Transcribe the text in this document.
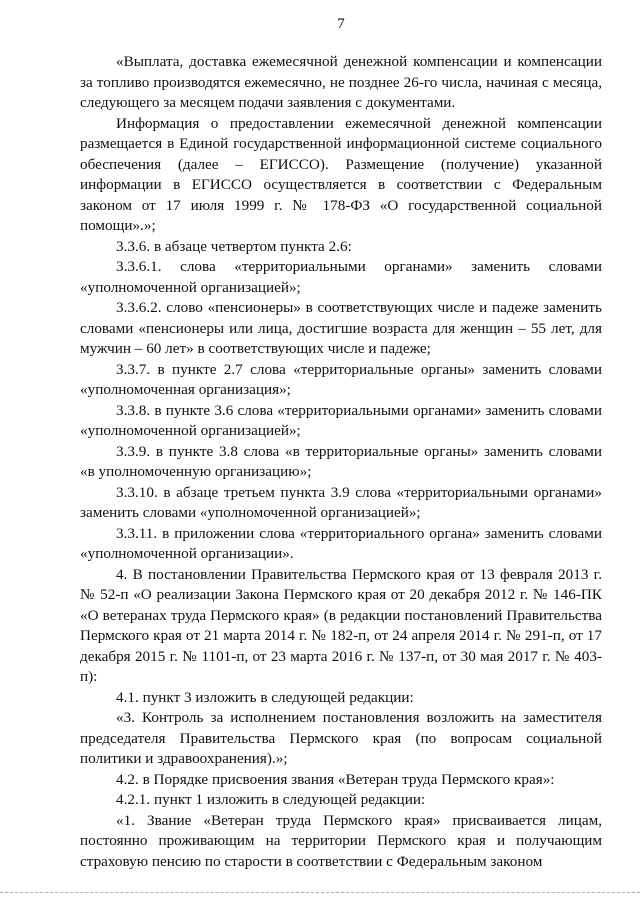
7

«Выплата, доставка ежемесячной денежной компенсации и компенсации за топливо производятся ежемесячно, не позднее 26-го числа, начиная с месяца, следующего за месяцем подачи заявления с документами.

Информация о предоставлении ежемесячной денежной компенсации размещается в Единой государственной информационной системе социального обеспечения (далее – ЕГИССО). Размещение (получение) указанной информации в ЕГИССО осуществляется в соответствии с Федеральным законом от 17 июля 1999 г. № 178-ФЗ «О государственной социальной помощи».»;

3.3.6. в абзаце четвертом пункта 2.6:

3.3.6.1. слова «территориальными органами» заменить словами «уполномоченной организацией»;

3.3.6.2. слово «пенсионеры» в соответствующих числе и падеже заменить словами «пенсионеры или лица, достигшие возраста для женщин – 55 лет, для мужчин – 60 лет» в соответствующих числе и падеже;

3.3.7. в пункте 2.7 слова «территориальные органы» заменить словами «уполномоченная организация»;

3.3.8. в пункте 3.6 слова «территориальными органами» заменить словами «уполномоченной организацией»;

3.3.9. в пункте 3.8 слова «в территориальные органы» заменить словами «в уполномоченную организацию»;

3.3.10. в абзаце третьем пункта 3.9 слова «территориальными органами» заменить словами «уполномоченной организацией»;

3.3.11. в приложении слова «территориального органа» заменить словами «уполномоченной организации».

4. В постановлении Правительства Пермского края от 13 февраля 2013 г. № 52-п «О реализации Закона Пермского края от 20 декабря 2012 г. № 146-ПК «О ветеранах труда Пермского края» (в редакции постановлений Правительства Пермского края от 21 марта 2014 г. № 182-п, от 24 апреля 2014 г. № 291-п, от 17 декабря 2015 г. № 1101-п, от 23 марта 2016 г. № 137-п, от 30 мая 2017 г. № 403-п):

4.1. пункт 3 изложить в следующей редакции:

«3. Контроль за исполнением постановления возложить на заместителя председателя Правительства Пермского края (по вопросам социальной политики и здравоохранения).»;

4.2. в Порядке присвоения звания «Ветеран труда Пермского края»:

4.2.1. пункт 1 изложить в следующей редакции:

«1. Звание «Ветеран труда Пермского края» присваивается лицам, постоянно проживающим на территории Пермского края и получающим страховую пенсию по старости в соответствии с Федеральным законом
